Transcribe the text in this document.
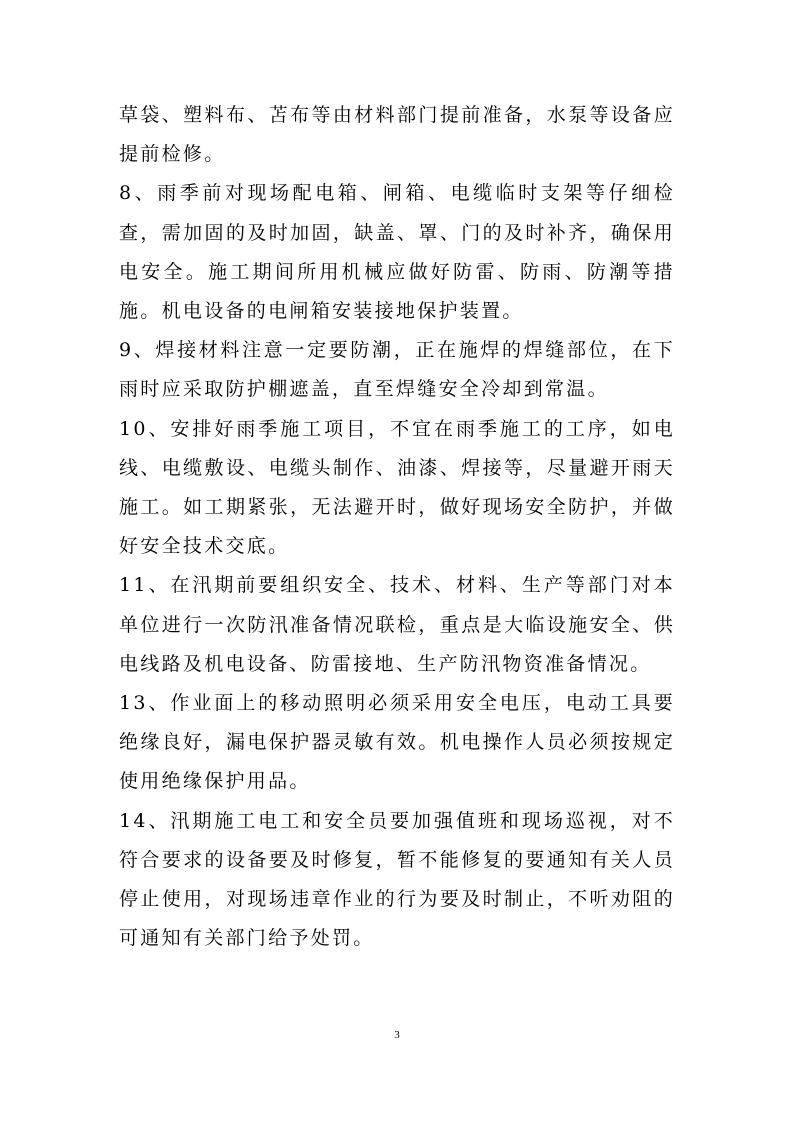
草袋、塑料布、苫布等由材料部门提前准备，水泵等设备应提前检修。

8、雨季前对现场配电箱、闸箱、电缆临时支架等仔细检查，需加固的及时加固，缺盖、罩、门的及时补齐，确保用电安全。施工期间所用机械应做好防雷、防雨、防潮等措施。机电设备的电闸箱安装接地保护装置。

9、焊接材料注意一定要防潮，正在施焊的焊缝部位，在下雨时应采取防护棚遮盖，直至焊缝安全冷却到常温。

10、安排好雨季施工项目，不宜在雨季施工的工序，如电线、电缆敷设、电缆头制作、油漆、焊接等，尽量避开雨天施工。如工期紧张，无法避开时，做好现场安全防护，并做好安全技术交底。

11、在汛期前要组织安全、技术、材料、生产等部门对本单位进行一次防汛准备情况联检，重点是大临设施安全、供电线路及机电设备、防雷接地、生产防汛物资准备情况。

13、作业面上的移动照明必须采用安全电压，电动工具要绝缘良好，漏电保护器灵敏有效。机电操作人员必须按规定使用绝缘保护用品。

14、汛期施工电工和安全员要加强值班和现场巡视，对不符合要求的设备要及时修复，暂不能修复的要通知有关人员停止使用，对现场违章作业的行为要及时制止，不听劝阻的可通知有关部门给予处罚。

3
